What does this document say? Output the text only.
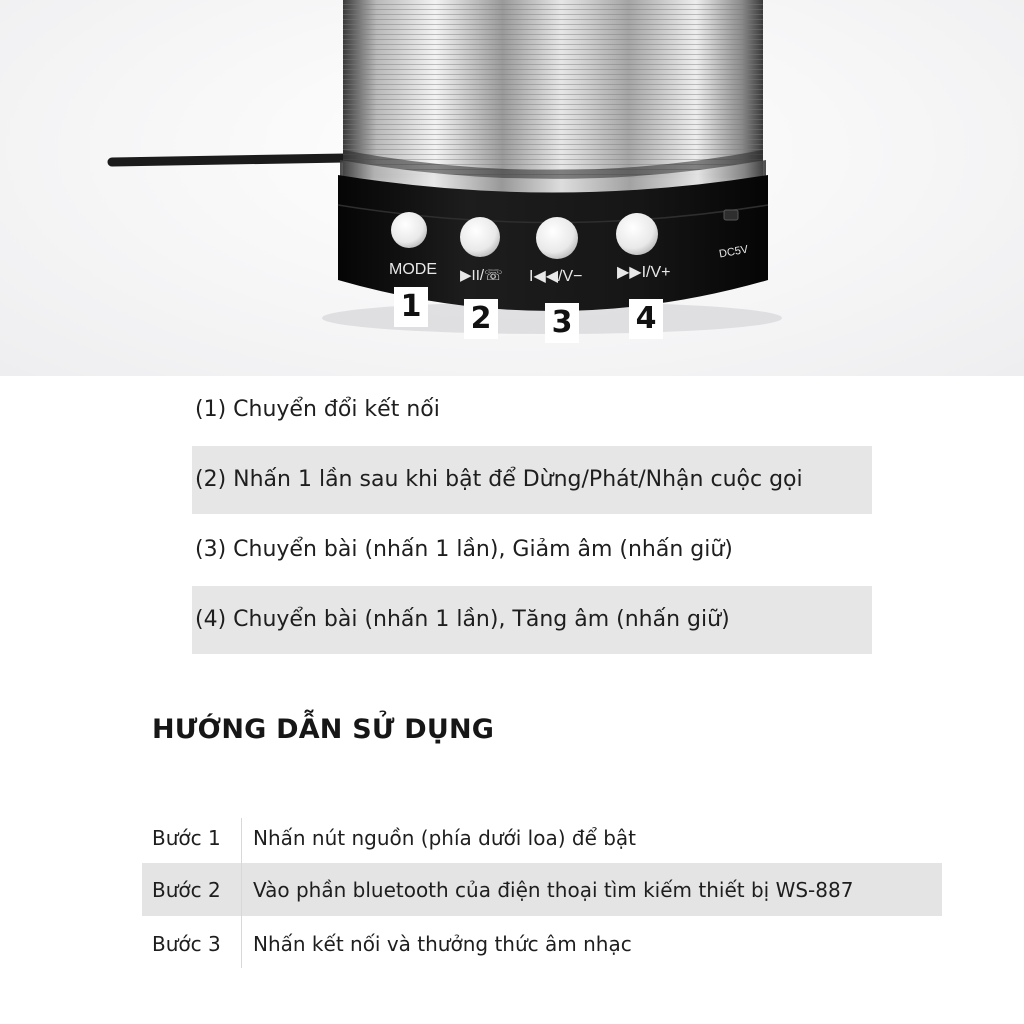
MODE ▶II/☏ I◀◀/V− ▶▶I/V+
DC5V
1 2 3 4
(1) Chuyển đổi kết nối
(2) Nhấn 1 lần sau khi bật để Dừng/Phát/Nhận cuộc gọi
(3) Chuyển bài (nhấn 1 lần), Giảm âm (nhấn giữ)
(4) Chuyển bài (nhấn 1 lần), Tăng âm (nhấn giữ)
HƯỚNG DẪN SỬ DỤNG
Bước 1	Nhấn nút nguồn (phía dưới loa) để bật
Bước 2	Vào phần bluetooth của điện thoại tìm kiếm thiết bị WS-887
Bước 3	Nhấn kết nối và thưởng thức âm nhạc
